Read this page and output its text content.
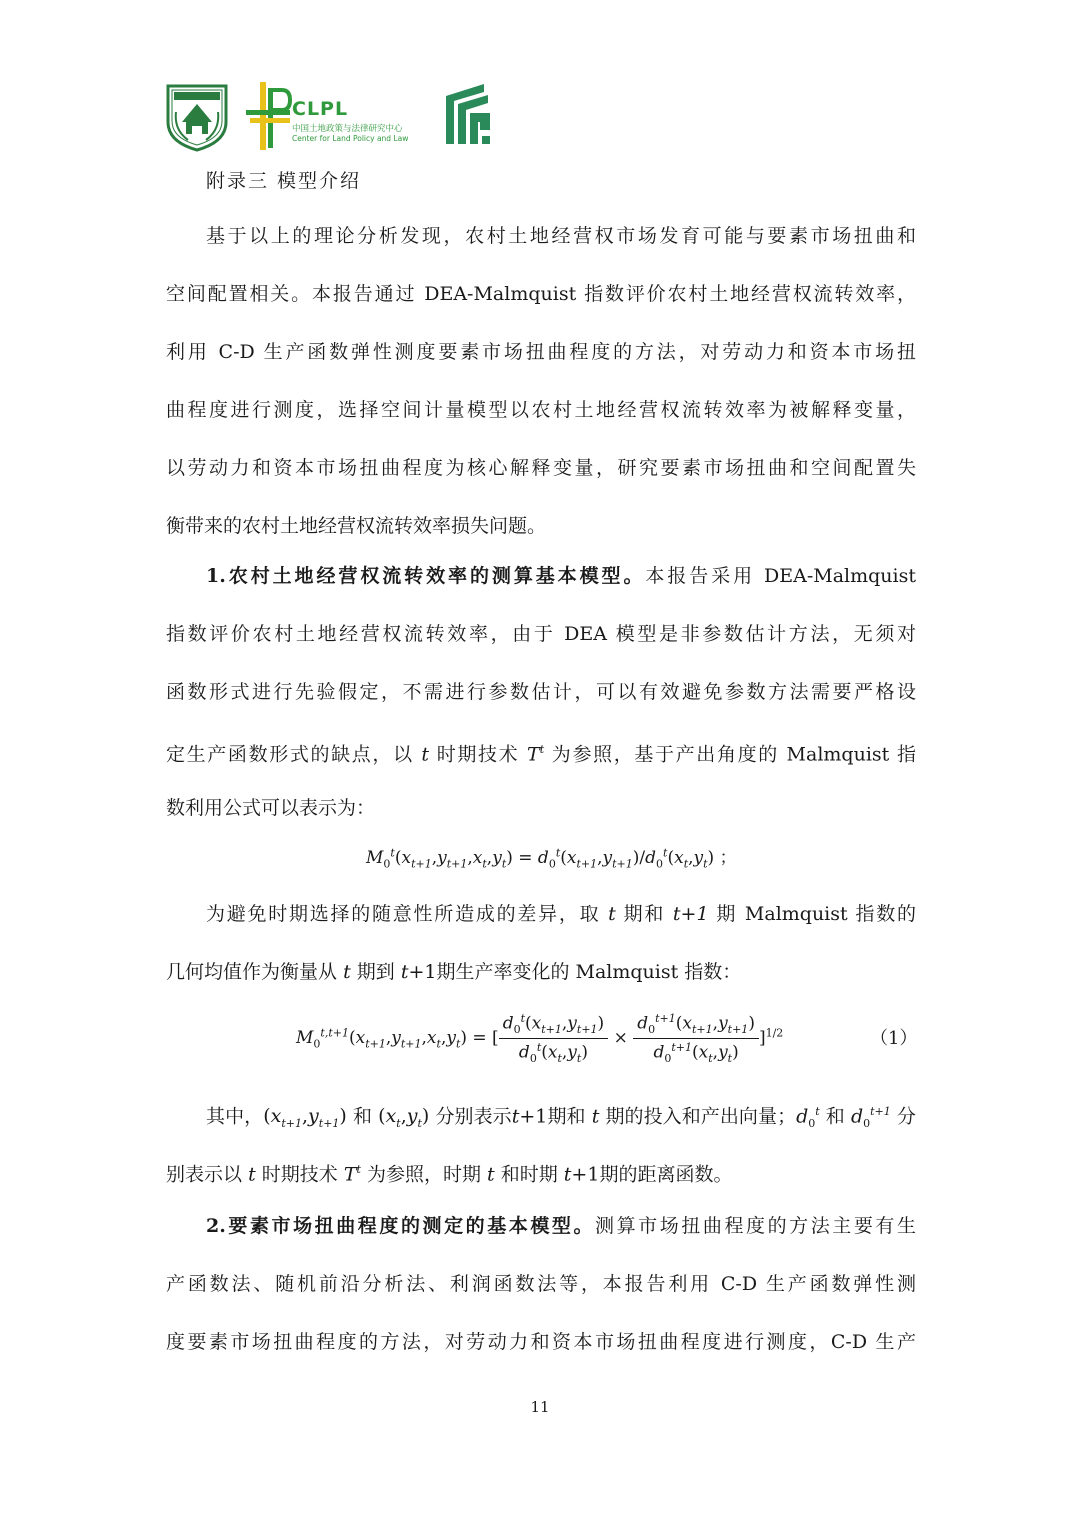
CLPL
中国土地政策与法律研究中心
Center for Land Policy and Law
附录三 模型介绍
基于以上的理论分析发现，农村土地经营权市场发育可能与要素市场扭曲和
空间配置相关。本报告通过 DEA-Malmquist 指数评价农村土地经营权流转效率，
利用 C-D 生产函数弹性测度要素市场扭曲程度的方法，对劳动力和资本市场扭
曲程度进行测度，选择空间计量模型以农村土地经营权流转效率为被解释变量，
以劳动力和资本市场扭曲程度为核心解释变量，研究要素市场扭曲和空间配置失
衡带来的农村土地经营权流转效率损失问题。
1.农村土地经营权流转效率的测算基本模型。本报告采用 DEA-Malmquist
指数评价农村土地经营权流转效率，由于 DEA 模型是非参数估计方法，无须对
函数形式进行先验假定，不需进行参数估计，可以有效避免参数方法需要严格设
定生产函数形式的缺点，以 t 时期技术 $T^t$ 为参照，基于产出角度的 Malmquist 指
数利用公式可以表示为：
$M_0^t(x_{t+1},y_{t+1},x_t,y_t) = d_0^t(x_{t+1},y_{t+1})/d_0^t(x_t,y_t)$ ；
为避免时期选择的随意性所造成的差异，取 t 期和 t+1 期 Malmquist 指数的
几何均值作为衡量从 t 期到 t+1期生产率变化的 Malmquist 指数：
$M_0^{t,t+1}(x_{t+1},y_{t+1},x_t,y_t)$ = [ $\frac{d_0^t(x_{t+1},y_{t+1})}{d_0^t(x_t,y_t)} \times \frac{d_0^{t+1}(x_{t+1},y_{t+1})}{d_0^{t+1}(x_t,y_t)} ]^{1/2}$	（1）
其中，$(x_{t+1},y_{t+1})$ 和 $(x_t,y_t)$ 分别表示t+1期和 t 期的投入和产出向量；$d_0^t$ 和 $d_0^{t+1}$ 分
别表示以 t 时期技术 $T^t$ 为参照，时期 t 和时期 t+1期的距离函数。
2.要素市场扭曲程度的测定的基本模型。测算市场扭曲程度的方法主要有生
产函数法、随机前沿分析法、利润函数法等，本报告利用 C-D 生产函数弹性测
度要素市场扭曲程度的方法，对劳动力和资本市场扭曲程度进行测度，C-D 生产
11
